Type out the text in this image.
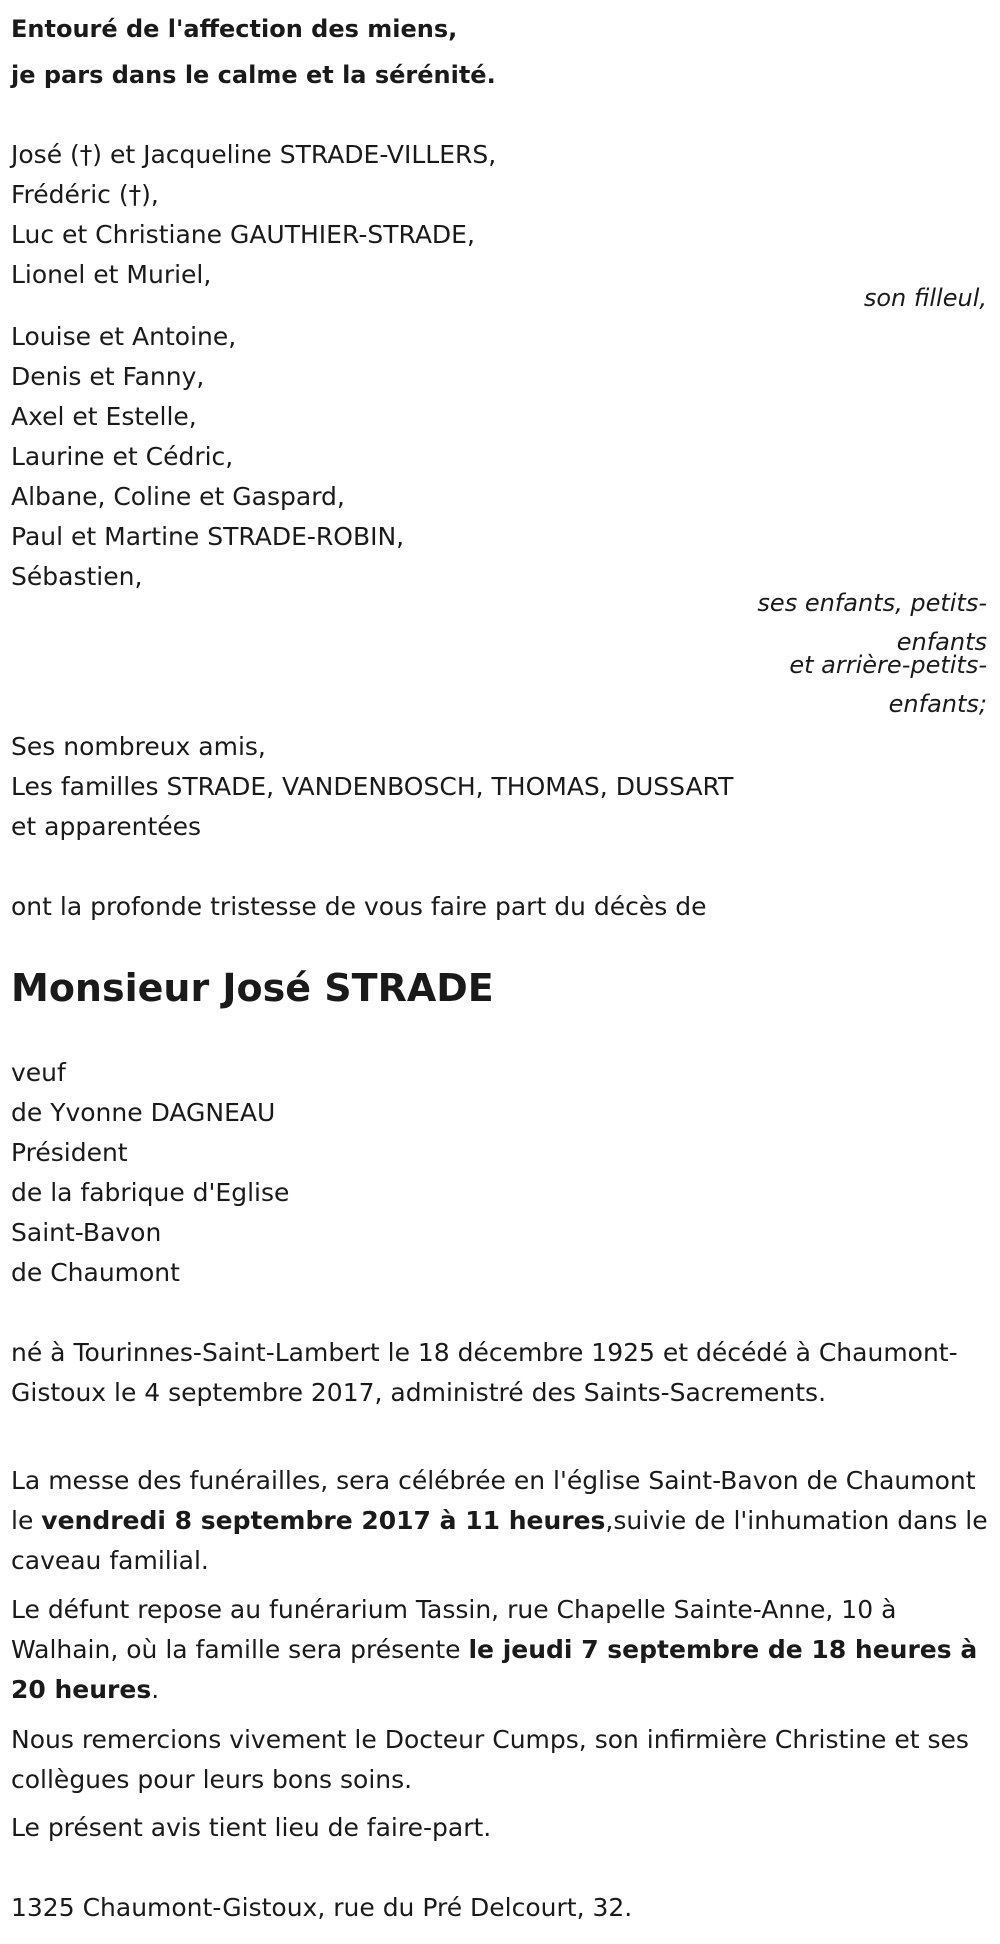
Entouré de l'affection des miens,

je pars dans le calme et la sérénité.

José (†) et Jacqueline STRADE-VILLERS,

Frédéric (†),

Luc et Christiane GAUTHIER-STRADE,

Lionel et Muriel,

son filleul,

Louise et Antoine,

Denis et Fanny,

Axel et Estelle,

Laurine et Cédric,

Albane, Coline et Gaspard,

Paul et Martine STRADE-ROBIN,

Sébastien,

ses enfants, petits-

enfants

et arrière-petits-

enfants;

Ses nombreux amis,

Les familles STRADE, VANDENBOSCH, THOMAS, DUSSART

et apparentées

ont la profonde tristesse de vous faire part du décès de

Monsieur José STRADE

veuf

de Yvonne DAGNEAU

Président

de la fabrique d'Eglise

Saint-Bavon

de Chaumont

né à Tourinnes-Saint-Lambert le 18 décembre 1925 et décédé à Chaumont-Gistoux le 4 septembre 2017, administré des Saints-Sacrements.

La messe des funérailles, sera célébrée en l'église Saint-Bavon de Chaumont le vendredi 8 septembre 2017 à 11 heures,suivie de l'inhumation dans le caveau familial.

Le défunt repose au funérarium Tassin, rue Chapelle Sainte-Anne, 10 à Walhain, où la famille sera présente le jeudi 7 septembre de 18 heures à 20 heures.

Nous remercions vivement le Docteur Cumps, son infirmière Christine et ses collègues pour leurs bons soins.

Le présent avis tient lieu de faire-part.

1325 Chaumont-Gistoux, rue du Pré Delcourt, 32.
